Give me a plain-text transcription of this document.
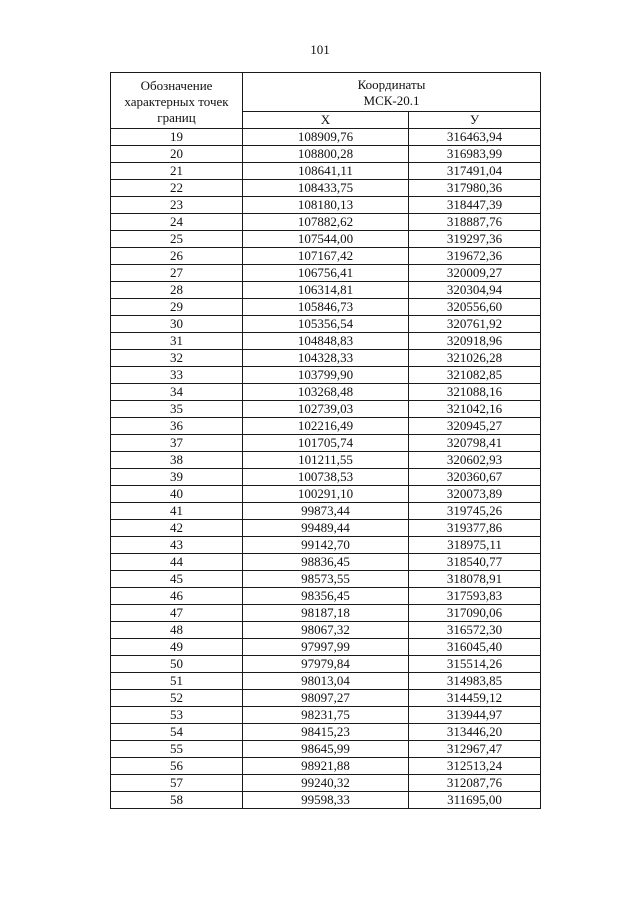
101
Обозначение
характерных точек
границ	Координаты
МСК-20.1	

	Х	У
19	108909,76	316463,94
20	108800,28	316983,99
21	108641,11	317491,04
22	108433,75	317980,36
23	108180,13	318447,39
24	107882,62	318887,76
25	107544,00	319297,36
26	107167,42	319672,36
27	106756,41	320009,27
28	106314,81	320304,94
29	105846,73	320556,60
30	105356,54	320761,92
31	104848,83	320918,96
32	104328,33	321026,28
33	103799,90	321082,85
34	103268,48	321088,16
35	102739,03	321042,16
36	102216,49	320945,27
37	101705,74	320798,41
38	101211,55	320602,93
39	100738,53	320360,67
40	100291,10	320073,89
41	99873,44	319745,26
42	99489,44	319377,86
43	99142,70	318975,11
44	98836,45	318540,77
45	98573,55	318078,91
46	98356,45	317593,83
47	98187,18	317090,06
48	98067,32	316572,30
49	97997,99	316045,40
50	97979,84	315514,26
51	98013,04	314983,85
52	98097,27	314459,12
53	98231,75	313944,97
54	98415,23	313446,20
55	98645,99	312967,47
56	98921,88	312513,24
57	99240,32	312087,76
58	99598,33	311695,00
